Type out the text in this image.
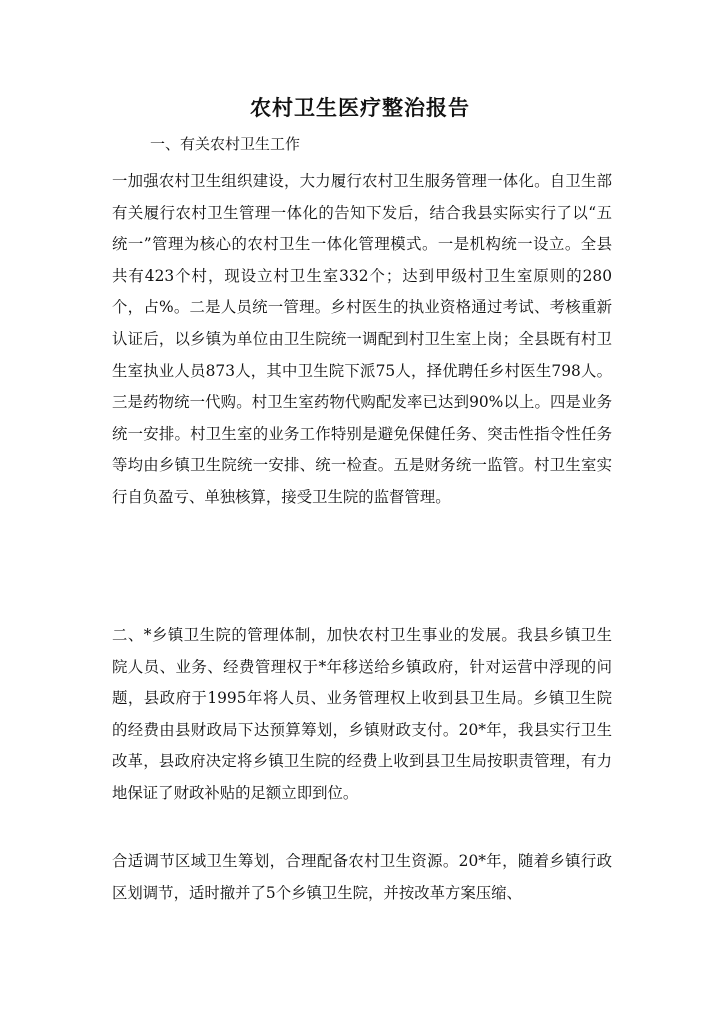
农村卫生医疗整治报告

一、有关农村卫生工作

一加强农村卫生组织建设，大力履行农村卫生服务管理一体化。自卫生部有关履行农村卫生管理一体化的告知下发后，结合我县实际实行了以“五统一”管理为核心的农村卫生一体化管理模式。一是机构统一设立。全县共有423个村，现设立村卫生室332个；达到甲级村卫生室原则的280个，占%。二是人员统一管理。乡村医生的执业资格通过考试、考核重新认证后，以乡镇为单位由卫生院统一调配到村卫生室上岗；全县既有村卫生室执业人员873人，其中卫生院下派75人，择优聘任乡村医生798人。三是药物统一代购。村卫生室药物代购配发率已达到90%以上。四是业务统一安排。村卫生室的业务工作特别是避免保健任务、突击性指令性任务等均由乡镇卫生院统一安排、统一检查。五是财务统一监管。村卫生室实行自负盈亏、单独核算，接受卫生院的监督管理。

二、*乡镇卫生院的管理体制，加快农村卫生事业的发展。我县乡镇卫生院人员、业务、经费管理权于*年移送给乡镇政府，针对运营中浮现的问题，县政府于1995年将人员、业务管理权上收到县卫生局。乡镇卫生院的经费由县财政局下达预算筹划，乡镇财政支付。20*年，我县实行卫生改革，县政府决定将乡镇卫生院的经费上收到县卫生局按职责管理，有力地保证了财政补贴的足额立即到位。

合适调节区域卫生筹划，合理配备农村卫生资源。20*年，随着乡镇行政区划调节，适时撤并了5个乡镇卫生院，并按改革方案压缩、
